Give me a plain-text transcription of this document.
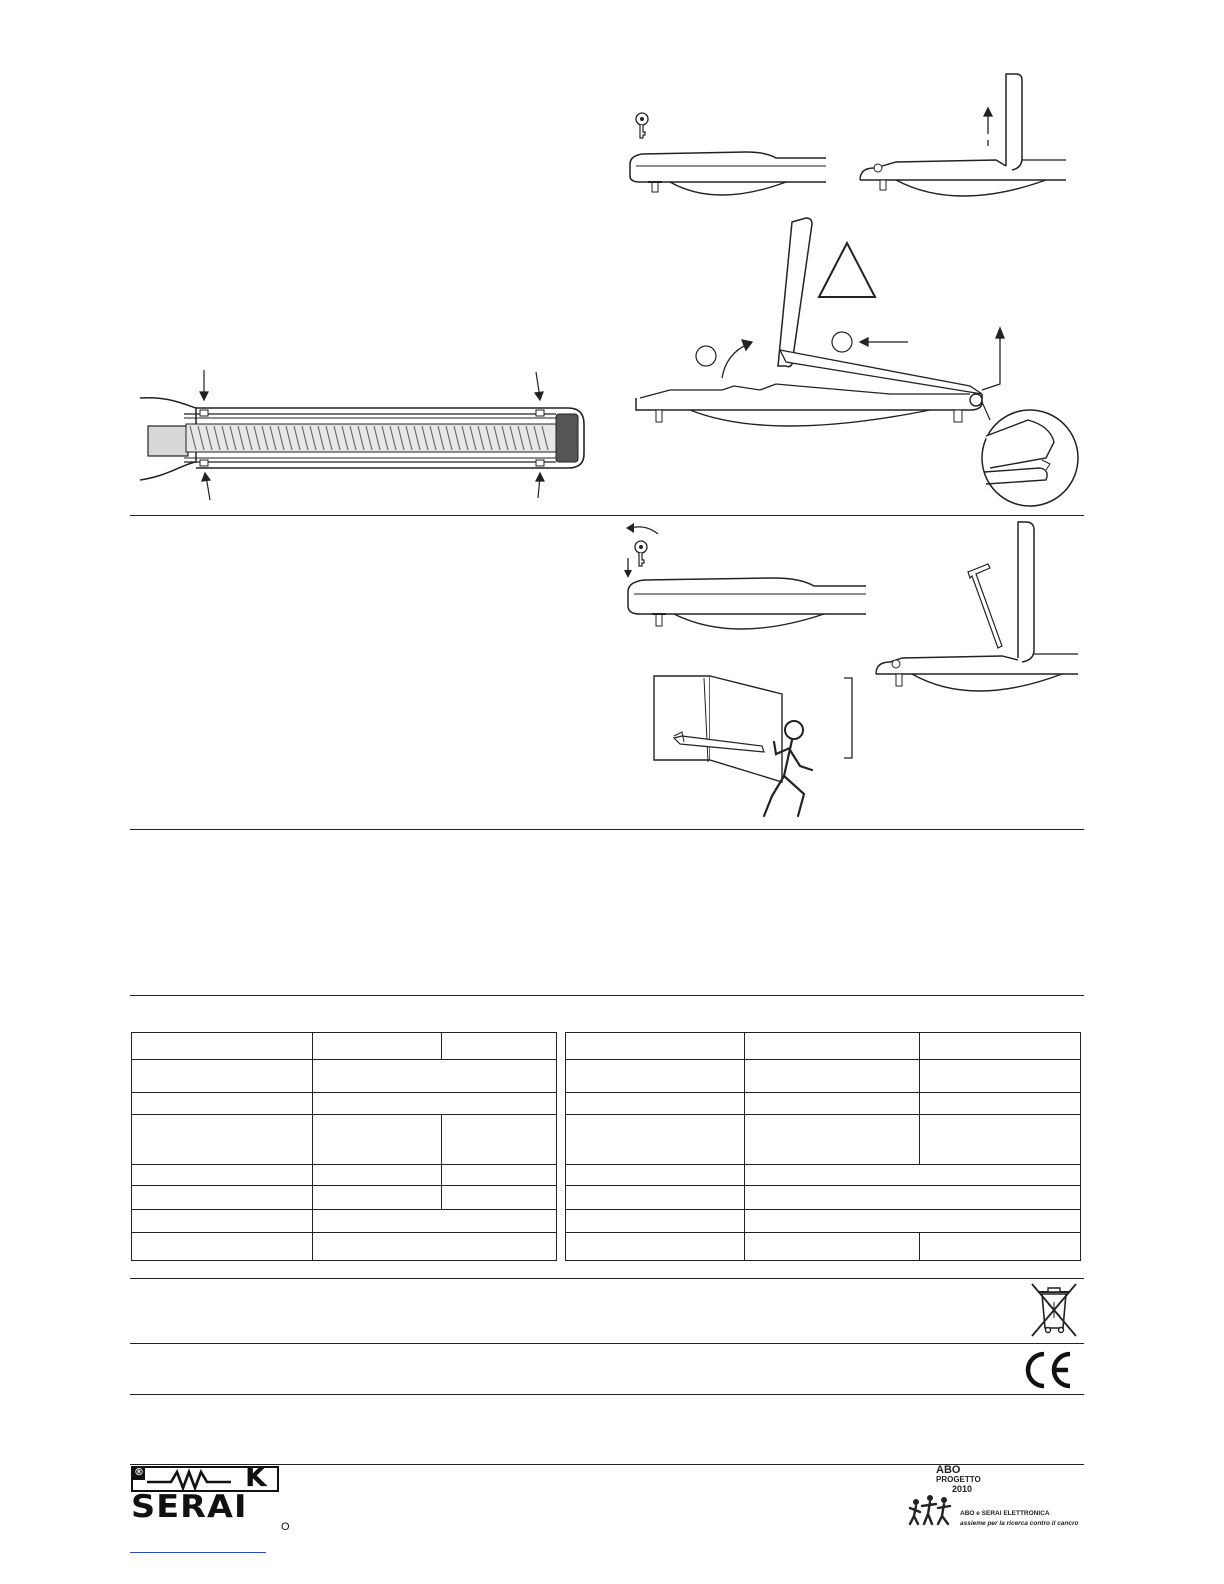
®	K
SERAI
O
ABO
PROGETTO
2010
ABO e SERAI ELETTRONICA
assieme per la ricerca contro il cancro
